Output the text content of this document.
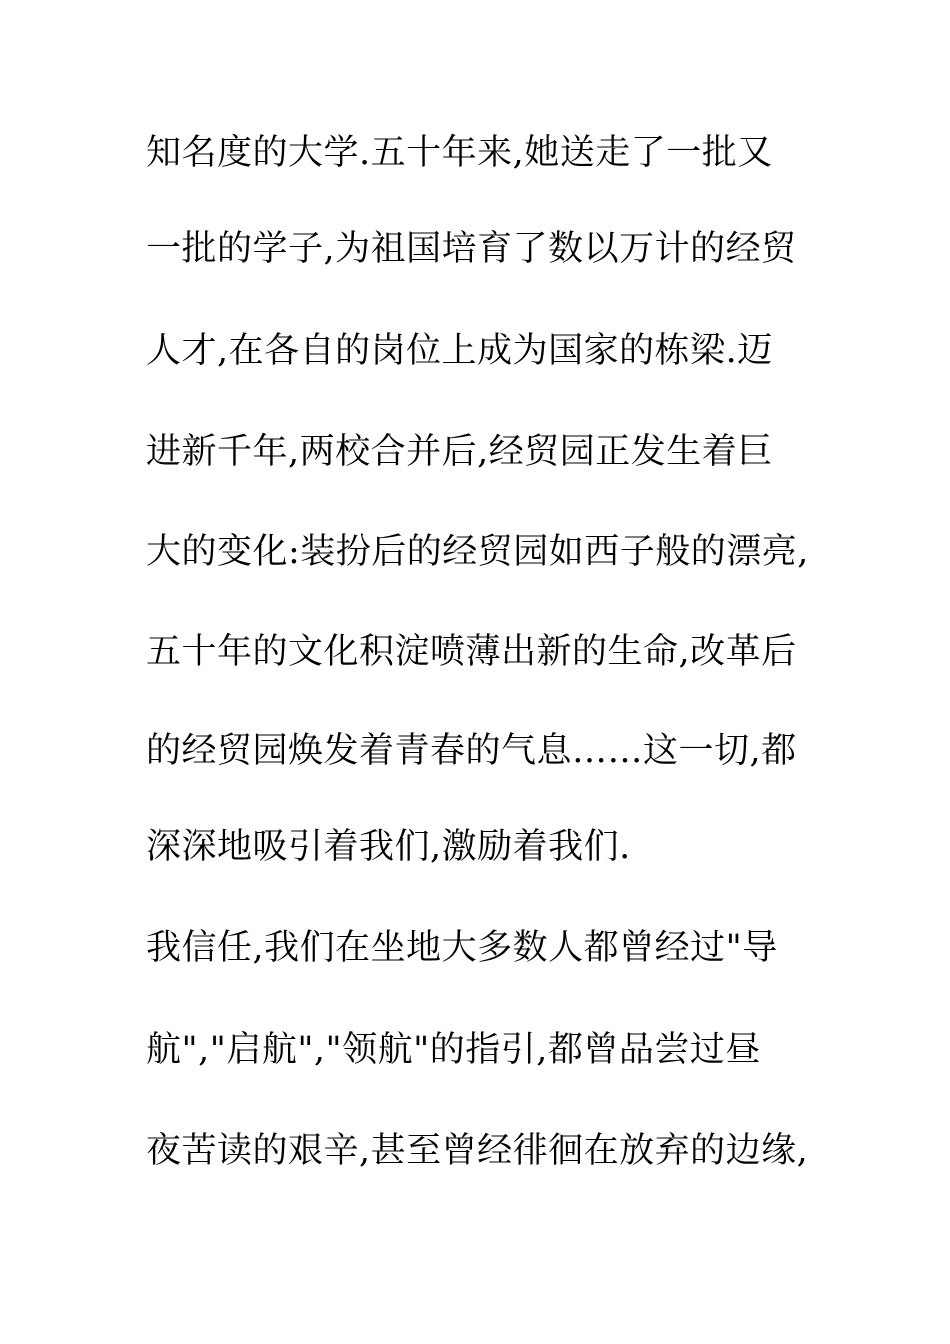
知名度的大学.五十年来,她送走了一批又
一批的学子,为祖国培育了数以万计的经贸
人才,在各自的岗位上成为国家的栋梁.迈
进新千年,两校合并后,经贸园正发生着巨
大的变化:装扮后的经贸园如西子般的漂亮,
五十年的文化积淀喷薄出新的生命,改革后
的经贸园焕发着青春的气息……这一切,都
深深地吸引着我们,激励着我们.
我信任,我们在坐地大多数人都曾经过"导
航","启航","领航"的指引,都曾品尝过昼
夜苦读的艰辛,甚至曾经徘徊在放弃的边缘,
